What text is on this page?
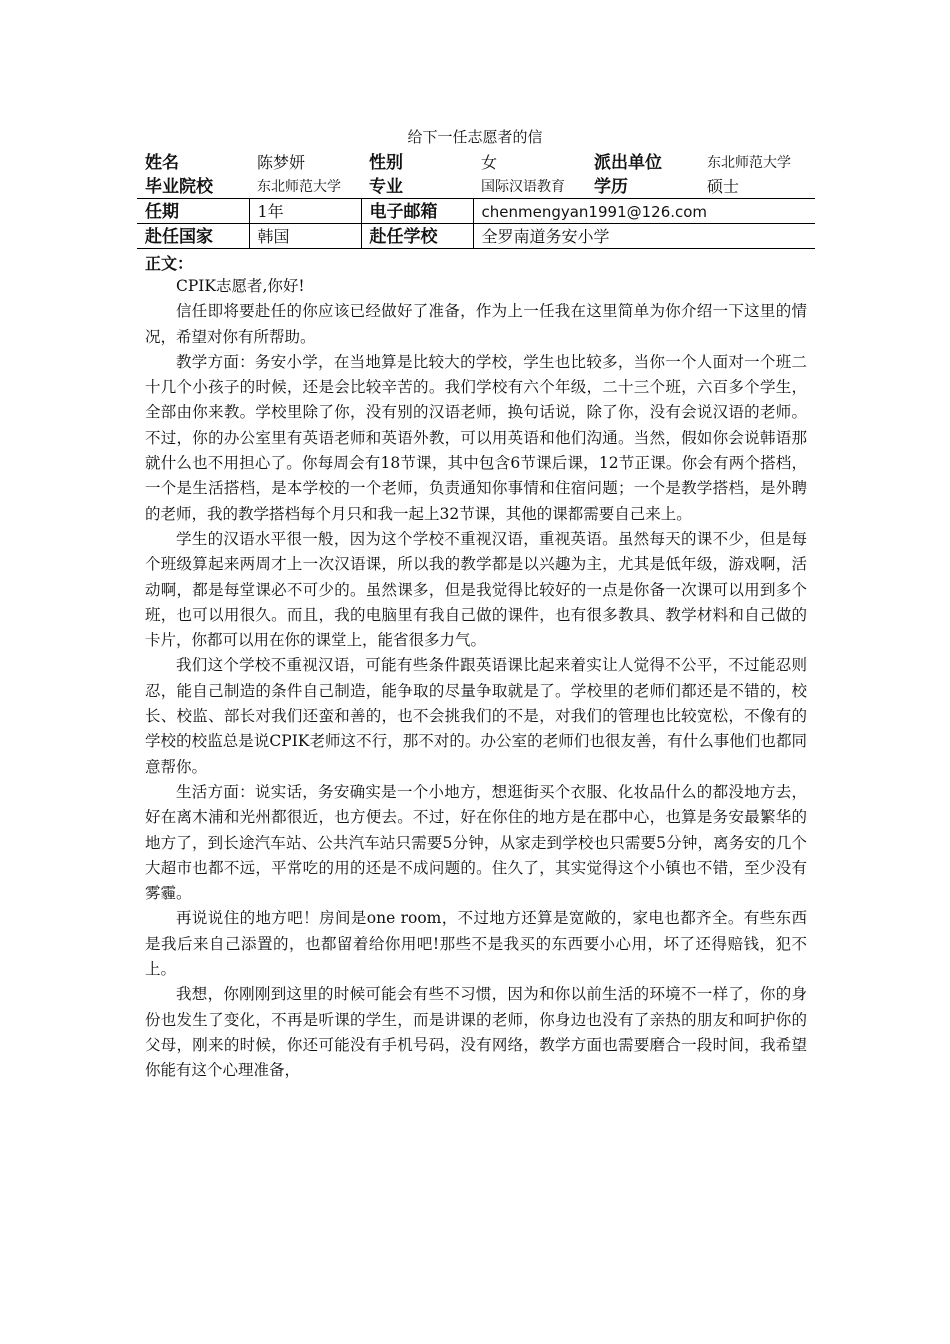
给下一任志愿者的信
姓名	陈梦妍	性别	女	派出单位	东北师范大学
毕业院校	东北师范大学	专业	国际汉语教育	学历	硕士
任期	1年	电子邮箱	chenmengyan1991@126.com		
赴任国家	韩国	赴任学校	全罗南道务安小学		
正文：

CPIK志愿者,你好!

信任即将要赴任的你应该已经做好了准备，作为上一任我在这里简单为你介绍一下这里的情况，希望对你有所帮助。

教学方面：务安小学，在当地算是比较大的学校，学生也比较多，当你一个人面对一个班二十几个小孩子的时候，还是会比较辛苦的。我们学校有六个年级，二十三个班，六百多个学生，全部由你来教。学校里除了你，没有别的汉语老师，换句话说，除了你，没有会说汉语的老师。不过，你的办公室里有英语老师和英语外教，可以用英语和他们沟通。当然，假如你会说韩语那就什么也不用担心了。你每周会有18节课，其中包含6节课后课，12节正课。你会有两个搭档，一个是生活搭档，是本学校的一个老师，负责通知你事情和住宿问题；一个是教学搭档，是外聘的老师，我的教学搭档每个月只和我一起上32节课，其他的课都需要自己来上。

学生的汉语水平很一般，因为这个学校不重视汉语，重视英语。虽然每天的课不少，但是每个班级算起来两周才上一次汉语课，所以我的教学都是以兴趣为主，尤其是低年级，游戏啊，活动啊，都是每堂课必不可少的。虽然课多，但是我觉得比较好的一点是你备一次课可以用到多个班，也可以用很久。而且，我的电脑里有我自己做的课件，也有很多教具、教学材料和自己做的卡片，你都可以用在你的课堂上，能省很多力气。

我们这个学校不重视汉语，可能有些条件跟英语课比起来着实让人觉得不公平，不过能忍则忍，能自己制造的条件自己制造，能争取的尽量争取就是了。学校里的老师们都还是不错的，校长、校监、部长对我们还蛮和善的，也不会挑我们的不是，对我们的管理也比较宽松，不像有的学校的校监总是说CPIK老师这不行，那不对的。办公室的老师们也很友善，有什么事他们也都同意帮你。

生活方面：说实话，务安确实是一个小地方，想逛街买个衣服、化妆品什么的都没地方去，好在离木浦和光州都很近，也方便去。不过，好在你住的地方是在郡中心，也算是务安最繁华的地方了，到长途汽车站、公共汽车站只需要5分钟，从家走到学校也只需要5分钟，离务安的几个大超市也都不远，平常吃的用的还是不成问题的。住久了，其实觉得这个小镇也不错，至少没有雾霾。

再说说住的地方吧！房间是one room，不过地方还算是宽敞的，家电也都齐全。有些东西是我后来自己添置的，也都留着给你用吧!那些不是我买的东西要小心用，坏了还得赔钱，犯不上。

我想，你刚刚到这里的时候可能会有些不习惯，因为和你以前生活的环境不一样了，你的身份也发生了变化，不再是听课的学生，而是讲课的老师，你身边也没有了亲热的朋友和呵护你的父母，刚来的时候，你还可能没有手机号码，没有网络，教学方面也需要磨合一段时间，我希望你能有这个心理准备，
